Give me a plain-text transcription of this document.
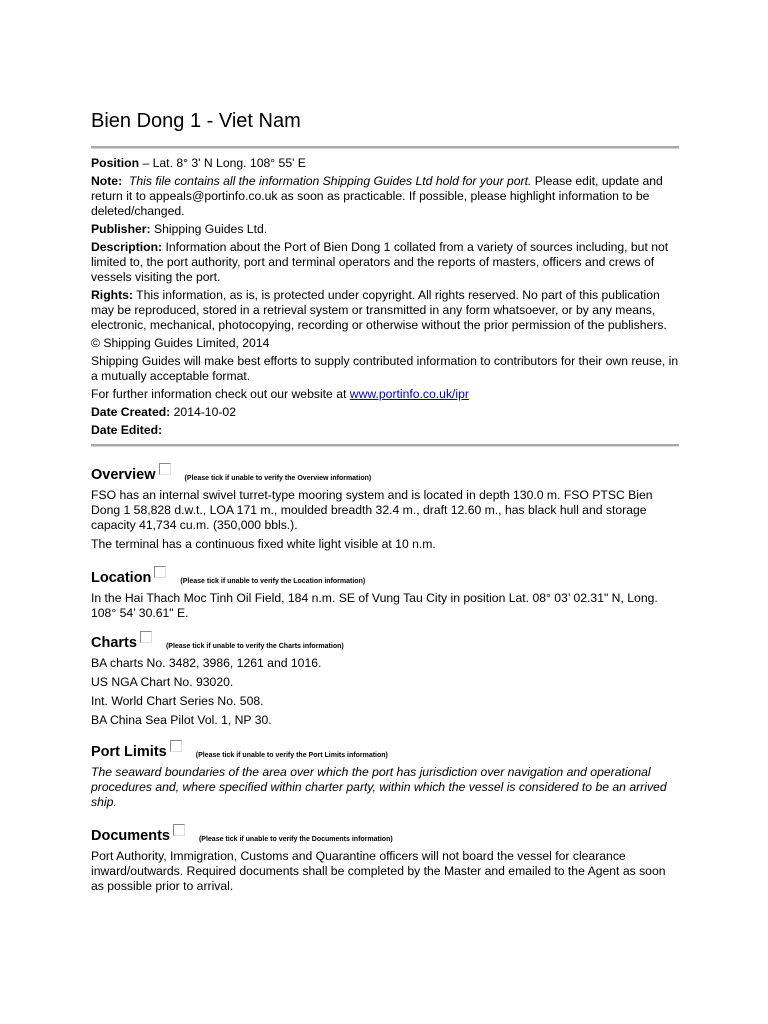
Bien Dong 1 - Viet Nam

Position – Lat. 8° 3' N Long. 108° 55' E

Note: This file contains all the information Shipping Guides Ltd hold for your port. Please edit, update and return it to appeals@portinfo.co.uk as soon as practicable. If possible, please highlight information to be deleted/changed.

Publisher: Shipping Guides Ltd.

Description: Information about the Port of Bien Dong 1 collated from a variety of sources including, but not limited to, the port authority, port and terminal operators and the reports of masters, officers and crews of vessels visiting the port.

Rights: This information, as is, is protected under copyright. All rights reserved. No part of this publication may be reproduced, stored in a retrieval system or transmitted in any form whatsoever, or by any means, electronic, mechanical, photocopying, recording or otherwise without the prior permission of the publishers.

© Shipping Guides Limited, 2014

Shipping Guides will make best efforts to supply contributed information to contributors for their own reuse, in a mutually acceptable format.

For further information check out our website at www.portinfo.co.uk/ipr

Date Created: 2014-10-02

Date Edited:

Overview	(Please tick if unable to verify the Overview information)

FSO has an internal swivel turret-type mooring system and is located in depth 130.0 m. FSO PTSC Bien Dong 1 58,828 d.w.t., LOA 171 m., moulded breadth 32.4 m., draft 12.60 m., has black hull and storage capacity 41,734 cu.m. (350,000 bbls.).

The terminal has a continuous fixed white light visible at 10 n.m.

Location	(Please tick if unable to verify the Location information)

In the Hai Thach Moc Tinh Oil Field, 184 n.m. SE of Vung Tau City in position Lat. 08° 03’ 02.31" N, Long. 108° 54’ 30.61" E.

Charts	(Please tick if unable to verify the Charts information)

BA charts No. 3482, 3986, 1261 and 1016.

US NGA Chart No. 93020.

Int. World Chart Series No. 508.

BA China Sea Pilot Vol. 1, NP 30.

Port Limits	(Please tick if unable to verify the Port Limits information)

The seaward boundaries of the area over which the port has jurisdiction over navigation and operational procedures and, where specified within charter party, within which the vessel is considered to be an arrived ship.

Documents	(Please tick if unable to verify the Documents information)

Port Authority, Immigration, Customs and Quarantine officers will not board the vessel for clearance inward/outwards. Required documents shall be completed by the Master and emailed to the Agent as soon as possible prior to arrival.
